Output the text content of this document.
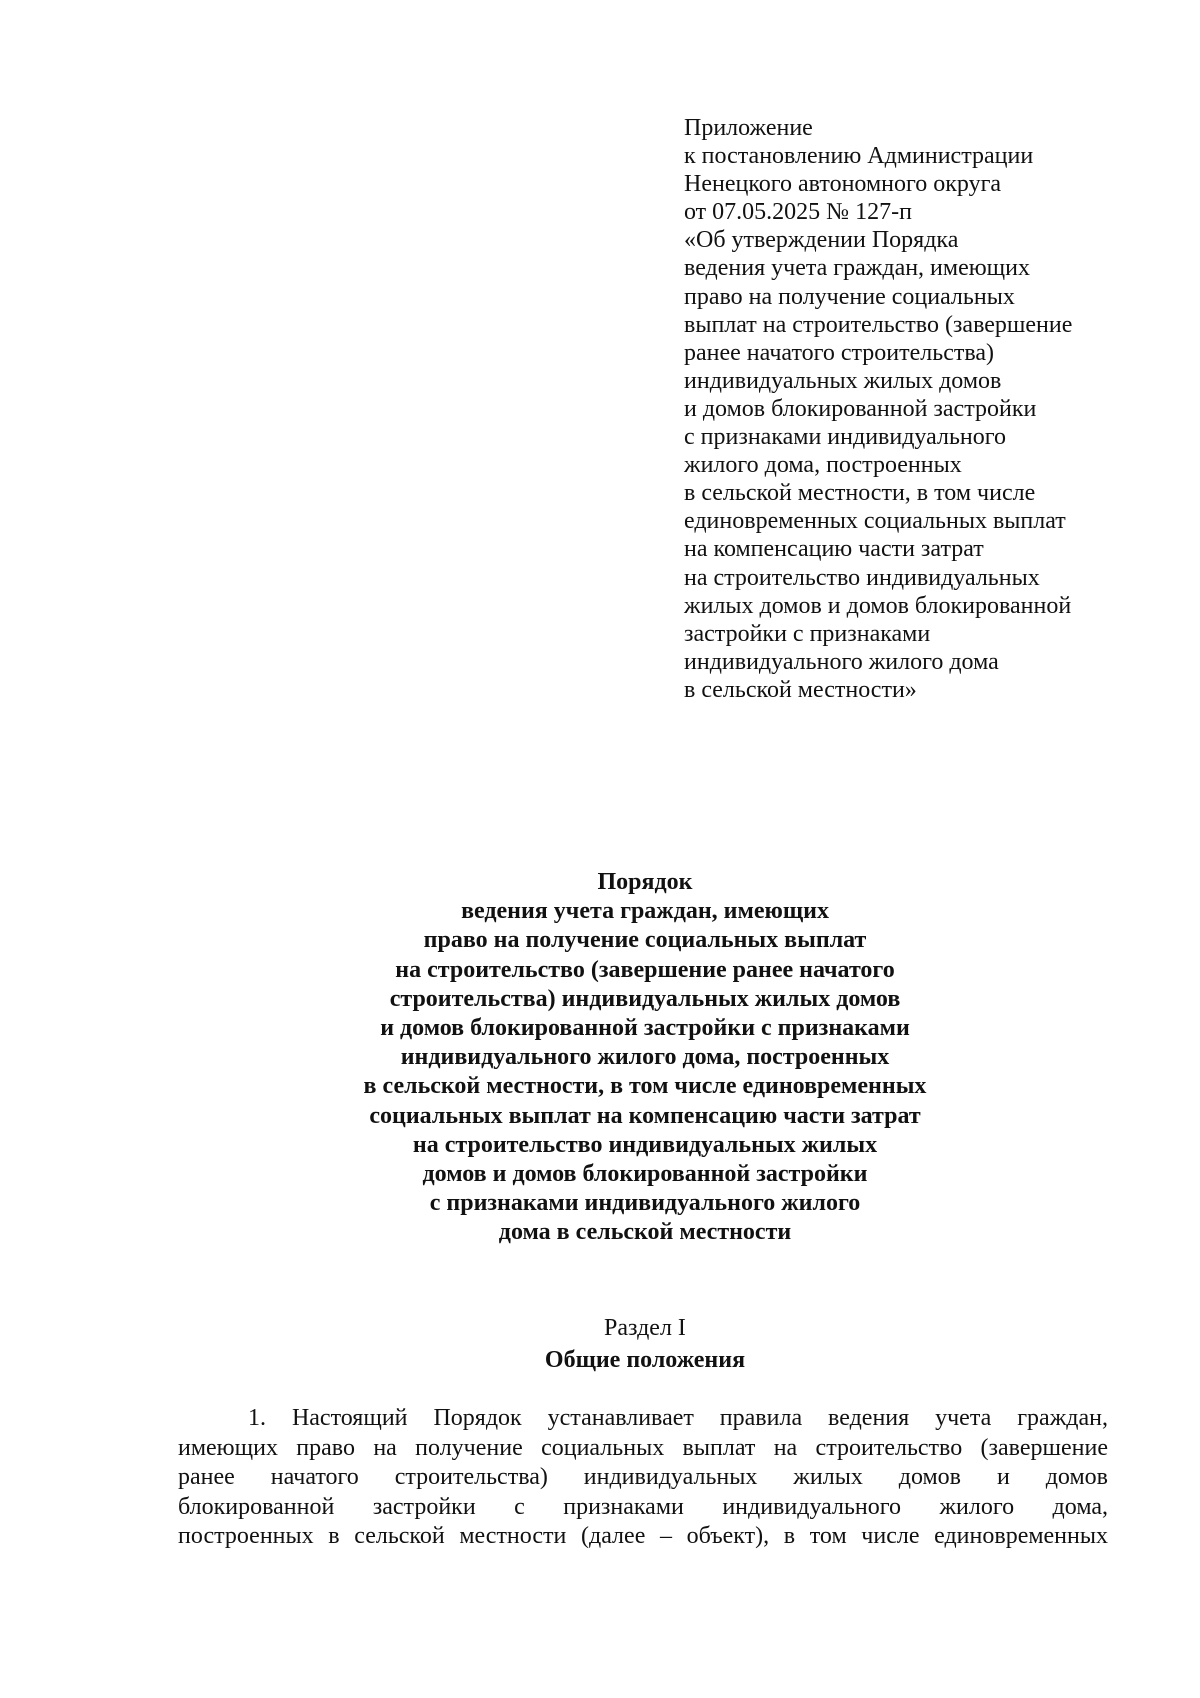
Приложение
к постановлению Администрации
Ненецкого автономного округа
от 07.05.2025 № 127-п
«Об утверждении Порядка
ведения учета граждан, имеющих
право на получение социальных
выплат на строительство (завершение
ранее начатого строительства)
индивидуальных жилых домов
и домов блокированной застройки
с признаками индивидуального
жилого дома, построенных
в сельской местности, в том числе
единовременных социальных выплат
на компенсацию части затрат
на строительство индивидуальных
жилых домов и домов блокированной
застройки с признаками
индивидуального жилого дома
в сельской местности»
Порядок
ведения учета граждан, имеющих
право на получение социальных выплат
на строительство (завершение ранее начатого
строительства) индивидуальных жилых домов
и домов блокированной застройки с признаками
индивидуального жилого дома, построенных
в сельской местности, в том числе единовременных
социальных выплат на компенсацию части затрат
на строительство индивидуальных жилых
домов и домов блокированной застройки
с признаками индивидуального жилого
дома в сельской местности
Раздел I
Общие положения
1. Настоящий Порядок устанавливает правила ведения учета граждан,
имеющих право на получение социальных выплат на строительство (завершение
ранее начатого строительства) индивидуальных жилых домов и домов
блокированной застройки с признаками индивидуального жилого дома,
построенных в сельской местности (далее – объект), в том числе единовременных
